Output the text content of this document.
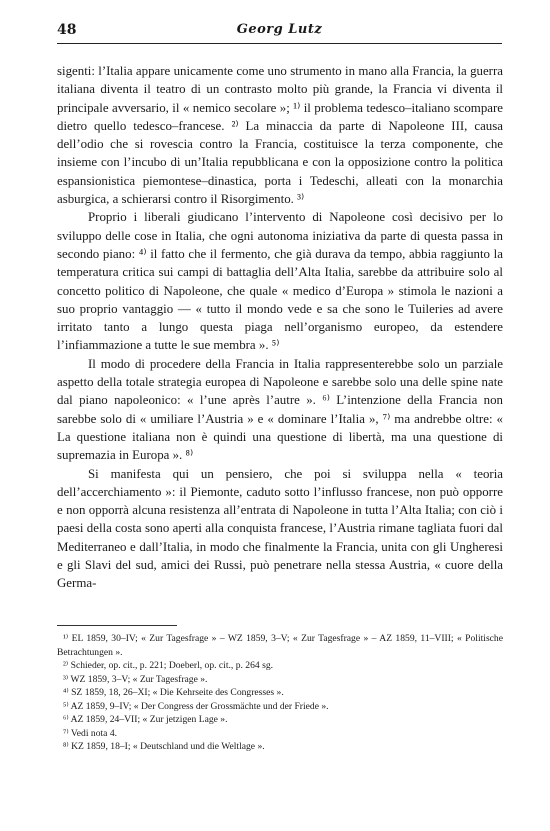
48	Georg Lutz

sigenti: l’Italia appare unicamente come uno strumento in mano alla Francia, la guerra italiana diventa il teatro di un contrasto molto più grande, la Francia vi diventa il principale avversario, il « nemico secolare »; ¹⁾ il problema tedesco–italiano scompare dietro quello tedesco–francese. ²⁾ La minaccia da parte di Napoleone III, causa dell’odio che si rovescia contro la Francia, costituisce la terza componente, che insieme con l’incubo di un’Italia repubblicana e con la opposizione contro la politica espansionistica piemontese–dinastica, porta i Tedeschi, alleati con la monarchia asburgica, a schierarsi contro il Risorgimento. ³⁾

Proprio i liberali giudicano l’intervento di Napoleone così decisivo per lo sviluppo delle cose in Italia, che ogni autonoma iniziativa da parte di questa passa in secondo piano: ⁴⁾ il fatto che il fermento, che già durava da tempo, abbia raggiunto la temperatura critica sui campi di battaglia dell’Alta Italia, sarebbe da attribuire solo al concetto politico di Napoleone, che quale « medico d’Europa » stimola le nazioni a suo proprio vantaggio — « tutto il mondo vede e sa che sono le Tuileries ad avere irritato tanto a lungo questa piaga nell’organismo europeo, da estendere l’infiammazione a tutte le sue membra ». ⁵⁾

Il modo di procedere della Francia in Italia rappresenterebbe solo un parziale aspetto della totale strategia europea di Napoleone e sarebbe solo una delle spine nate dal piano napoleonico: « l’une après l’autre ». ⁶⁾ L’intenzione della Francia non sarebbe solo di « umiliare l’Austria » e « dominare l’Italia », ⁷⁾ ma andrebbe oltre: « La questione italiana non è quindi una questione di libertà, ma una questione di supremazia in Europa ». ⁸⁾

Si manifesta qui un pensiero, che poi si sviluppa nella « teoria dell’accerchiamento »: il Piemonte, caduto sotto l’influsso francese, non può opporre e non opporrà alcuna resistenza all’entrata di Napoleone in tutta l’Alta Italia; con ciò i paesi della costa sono aperti alla conquista francese, l’Austria rimane tagliata fuori dal Mediterraneo e dall’Italia, in modo che finalmente la Francia, unita con gli Ungheresi e gli Slavi del sud, amici dei Russi, può penetrare nella stessa Austria, « cuore della Germa-

¹⁾ EL 1859, 30–IV; « Zur Tagesfrage » – WZ 1859, 3–V; « Zur Tagesfrage » – AZ 1859, 11–VIII; « Politische Betrachtungen ».

²⁾ Schieder, op. cit., p. 221; Doeberl, op. cit., p. 264 sg.

³⁾ WZ 1859, 3–V; « Zur Tagesfrage ».

⁴⁾ SZ 1859, 18, 26–XI; « Die Kehrseite des Congresses ».

⁵⁾ AZ 1859, 9–IV; « Der Congress der Grossmächte und der Friede ».

⁶⁾ AZ 1859, 24–VII; « Zur jetzigen Lage ».

⁷⁾ Vedi nota 4.

⁸⁾ KZ 1859, 18–I; « Deutschland und die Weltlage ».
